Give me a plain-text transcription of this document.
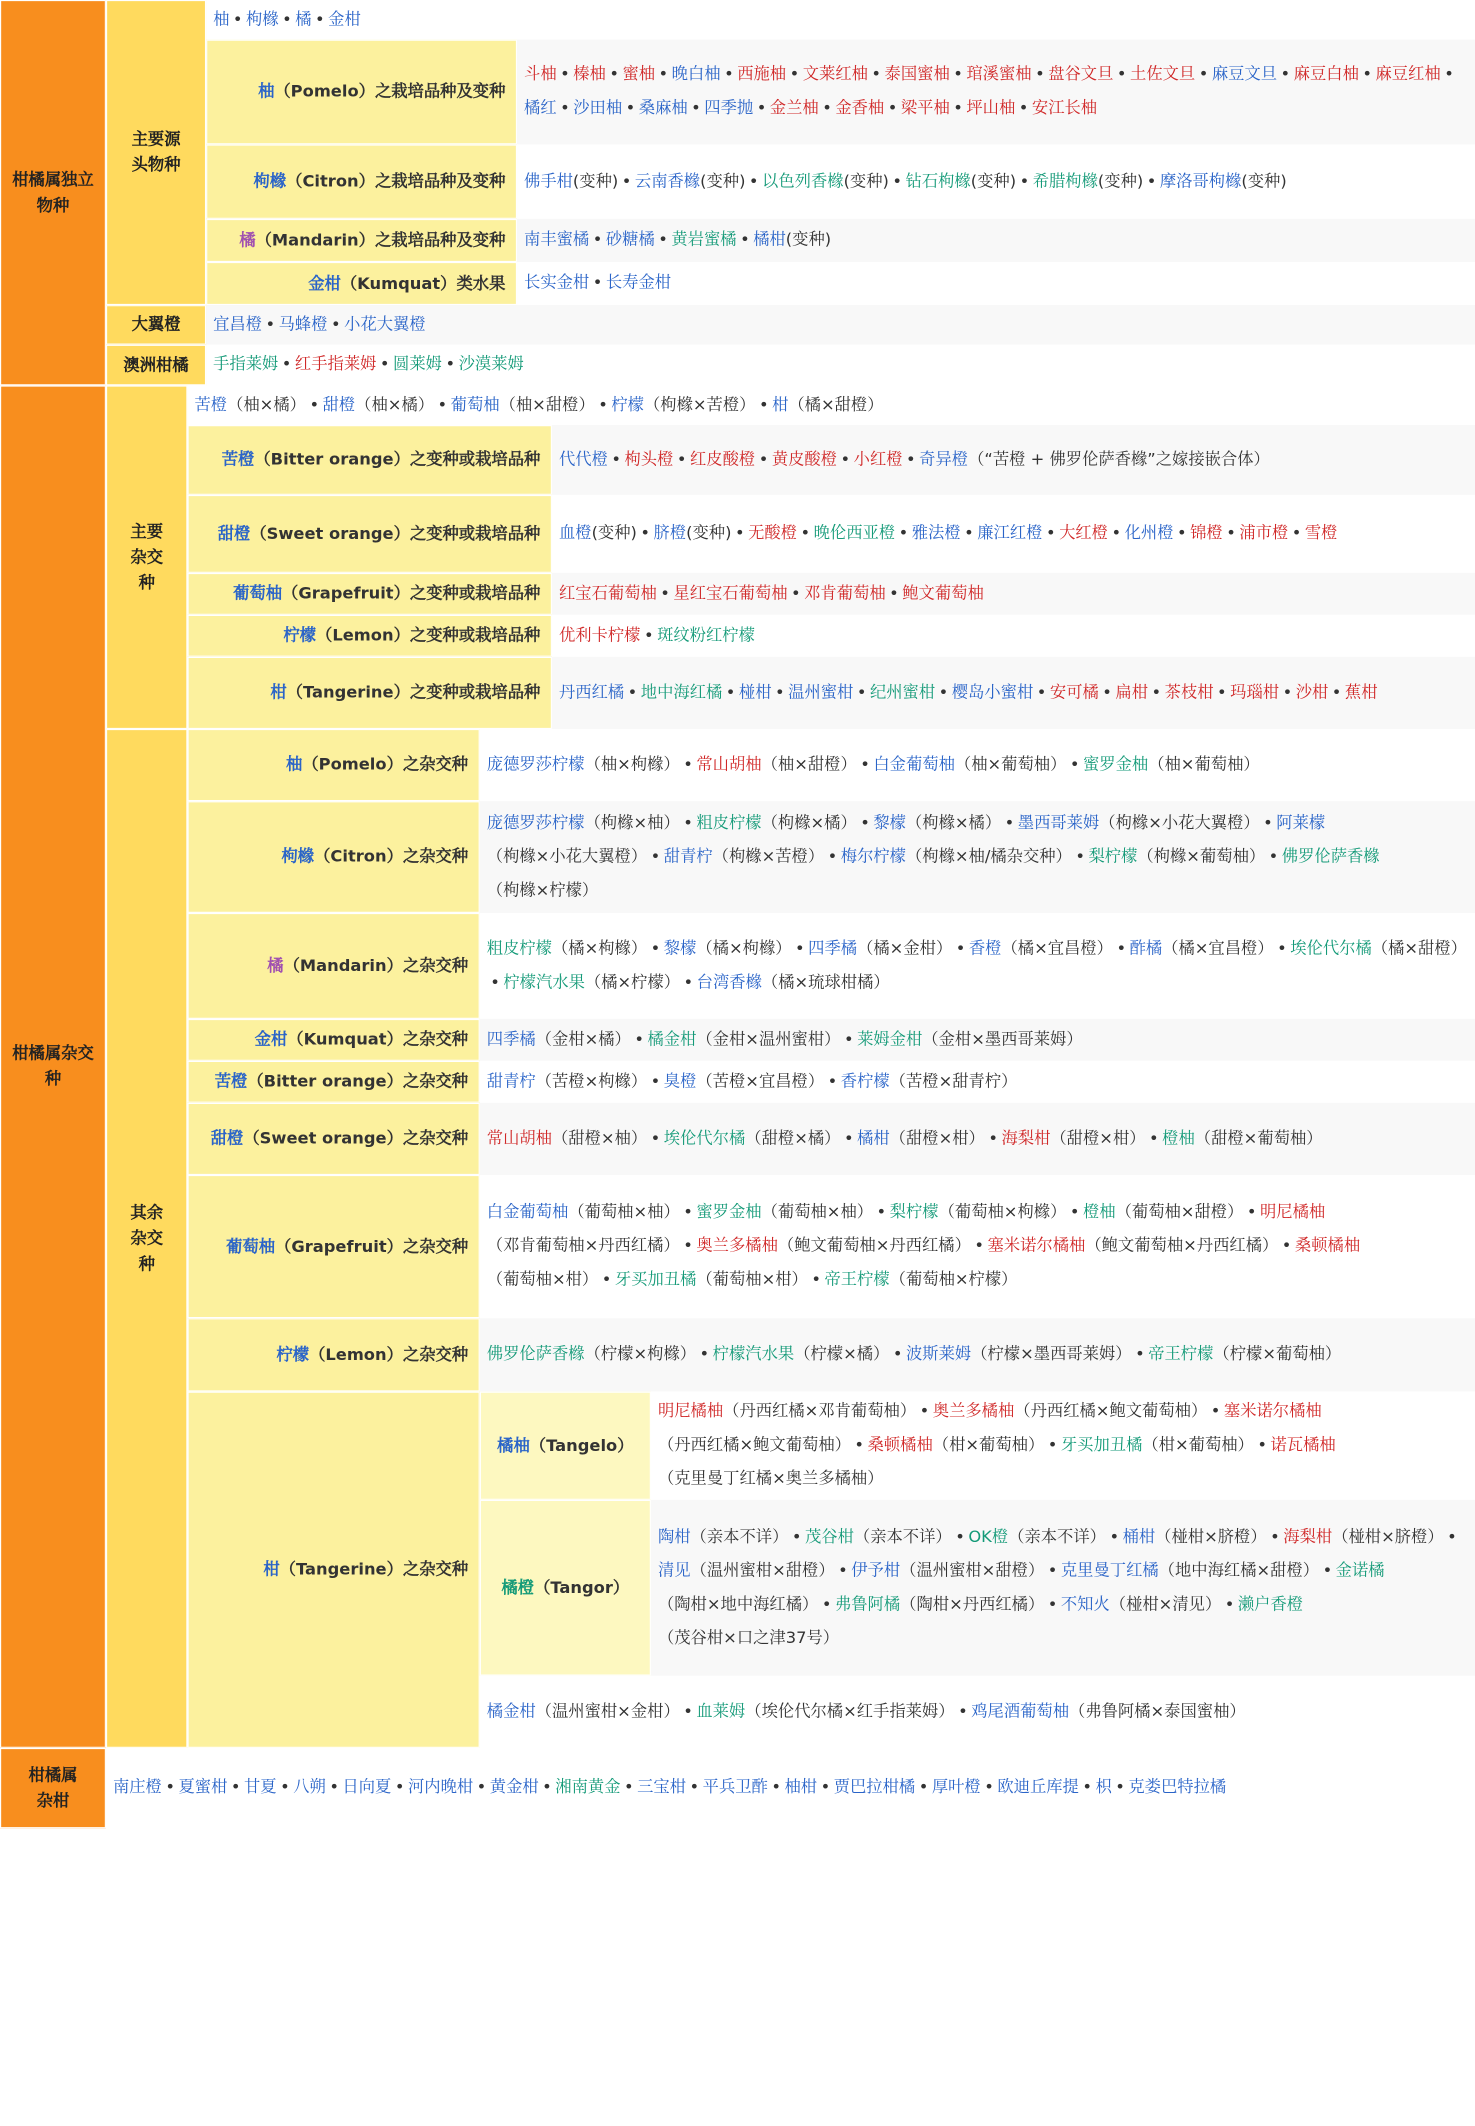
柑橘属独立物种
主要源头物种
柚 • 枸橼 • 橘 • 金柑
柚（Pomelo）之栽培品种及变种
斗柚 • 榛柚 • 蜜柚 • 晚白柚 • 西施柚 • 文莱红柚 • 泰国蜜柚 • 琯溪蜜柚 • 盘谷文旦 • 土佐文旦 • 麻豆文旦 • 麻豆白柚 • 麻豆红柚 •
橘红 • 沙田柚 • 桑麻柚 • 四季抛 • 金兰柚 • 金香柚 • 梁平柚 • 坪山柚 • 安江长柚
枸橼（Citron）之栽培品种及变种 佛手柑 (变种) • 云南香橼 (变种) • 以色列香橼 (变种) • 钻石枸橼 (变种) • 希腊枸橼 (变种) • 摩洛哥枸橼 (变种)
橘（Mandarin）之栽培品种及变种 南丰蜜橘 • 砂糖橘 • 黄岩蜜橘 • 橘柑 (变种)
金柑（Kumquat）类水果 长实金柑 • 长寿金柑
大翼橙 宜昌橙 • 马蜂橙 • 小花大翼橙
澳洲柑橘 手指莱姆 • 红手指莱姆 • 圆莱姆 • 沙漠莱姆
柑橘属杂交种
主要杂交种
苦橙 （柚×橘） • 甜橙 （柚×橘） • 葡萄柚 （柚×甜橙） • 柠檬 （枸橼×苦橙） • 柑 （橘×甜橙）
苦橙（Bitter orange）之变种或栽培品种 代代橙 • 枸头橙 • 红皮酸橙 • 黄皮酸橙 • 小红橙 • 奇异橙 （“苦橙 + 佛罗伦萨香橼”之嫁接嵌合体）
甜橙（Sweet orange）之变种或栽培品种 血橙 (变种) • 脐橙 (变种) • 无酸橙 • 晚伦西亚橙 • 雅法橙 • 廉江红橙 • 大红橙 • 化州橙 • 锦橙 • 浦市橙 • 雪橙
葡萄柚（Grapefruit）之变种或栽培品种 红宝石葡萄柚 • 星红宝石葡萄柚 • 邓肯葡萄柚 • 鲍文葡萄柚
柠檬（Lemon）之变种或栽培品种 优利卡柠檬 • 斑纹粉红柠檬
柑（Tangerine）之变种或栽培品种 丹西红橘 • 地中海红橘 • 椪柑 • 温州蜜柑 • 纪州蜜柑 • 樱岛小蜜柑 • 安可橘 • 扁柑 • 茶枝柑 • 玛瑙柑 • 沙柑 • 蕉柑
其余杂交种
柚（Pomelo）之杂交种 庞德罗莎柠檬 （柚×枸橼） • 常山胡柚 （柚×甜橙） • 白金葡萄柚 （柚×葡萄柚） • 蜜罗金柚 （柚×葡萄柚）
枸橼（Citron）之杂交种
庞德罗莎柠檬 （枸橼×柚） • 粗皮柠檬 （枸橼×橘） • 黎檬 （枸橼×橘） • 墨西哥莱姆 （枸橼×小花大翼橙） • 阿莱檬
（枸橼×小花大翼橙） • 甜青柠 （枸橼×苦橙） • 梅尔柠檬 （枸橼×柚/橘杂交种） • 梨柠檬 （枸橼×葡萄柚） • 佛罗伦萨香橼
（枸橼×柠檬）
橘（Mandarin）之杂交种
粗皮柠檬 （橘×枸橼） • 黎檬 （橘×枸橼） • 四季橘 （橘×金柑） • 香橙 （橘×宜昌橙） • 酢橘 （橘×宜昌橙） • 埃伦代尔橘 （橘×甜橙）
• 柠檬汽水果 （橘×柠檬） • 台湾香橼 （橘×琉球柑橘）
金柑（Kumquat）之杂交种 四季橘 （金柑×橘） • 橘金柑 （金柑×温州蜜柑） • 莱姆金柑 （金柑×墨西哥莱姆）
苦橙（Bitter orange）之杂交种 甜青柠 （苦橙×枸橼） • 臭橙 （苦橙×宜昌橙） • 香柠檬 （苦橙×甜青柠）
甜橙（Sweet orange）之杂交种 常山胡柚 （甜橙×柚） • 埃伦代尔橘 （甜橙×橘） • 橘柑 （甜橙×柑） • 海梨柑 （甜橙×柑） • 橙柚 （甜橙×葡萄柚）
葡萄柚（Grapefruit）之杂交种
白金葡萄柚 （葡萄柚×柚） • 蜜罗金柚 （葡萄柚×柚） • 梨柠檬 （葡萄柚×枸橼） • 橙柚 （葡萄柚×甜橙） • 明尼橘柚
（邓肯葡萄柚×丹西红橘） • 奥兰多橘柚 （鲍文葡萄柚×丹西红橘） • 塞米诺尔橘柚 （鲍文葡萄柚×丹西红橘） • 桑顿橘柚
（葡萄柚×柑） • 牙买加丑橘 （葡萄柚×柑） • 帝王柠檬 （葡萄柚×柠檬）
柠檬（Lemon）之杂交种 佛罗伦萨香橼 （柠檬×枸橼） • 柠檬汽水果 （柠檬×橘） • 波斯莱姆 （柠檬×墨西哥莱姆） • 帝王柠檬 （柠檬×葡萄柚）
柑（Tangerine）之杂交种
橘柚（Tangelo）
明尼橘柚 （丹西红橘×邓肯葡萄柚） • 奥兰多橘柚 （丹西红橘×鲍文葡萄柚） • 塞米诺尔橘柚
（丹西红橘×鲍文葡萄柚） • 桑顿橘柚 （柑×葡萄柚） • 牙买加丑橘 （柑×葡萄柚） • 诺瓦橘柚
（克里曼丁红橘×奥兰多橘柚）
橘橙（Tangor）
陶柑 （亲本不详） • 茂谷柑 （亲本不详） • OK橙 （亲本不详） • 桶柑 （椪柑×脐橙） • 海梨柑 （椪柑×脐橙） •
清见 （温州蜜柑×甜橙） • 伊予柑 （温州蜜柑×甜橙） • 克里曼丁红橘 （地中海红橘×甜橙） • 金诺橘
（陶柑×地中海红橘） • 弗鲁阿橘 （陶柑×丹西红橘） • 不知火 （椪柑×清见） • 濑户香橙
（茂谷柑×口之津37号）
橘金柑 （温州蜜柑×金柑） • 血莱姆 （埃伦代尔橘×红手指莱姆） • 鸡尾酒葡萄柚 （弗鲁阿橘×泰国蜜柚）
柑橘属杂柑
南庄橙 • 夏蜜柑 • 甘夏 • 八朔 • 日向夏 • 河内晚柑 • 黄金柑 • 湘南黄金 • 三宝柑 • 平兵卫酢 • 柚柑 • 贾巴拉柑橘 • 厚叶橙 • 欧迪丘库提 • 枳 • 克娄巴特拉橘
